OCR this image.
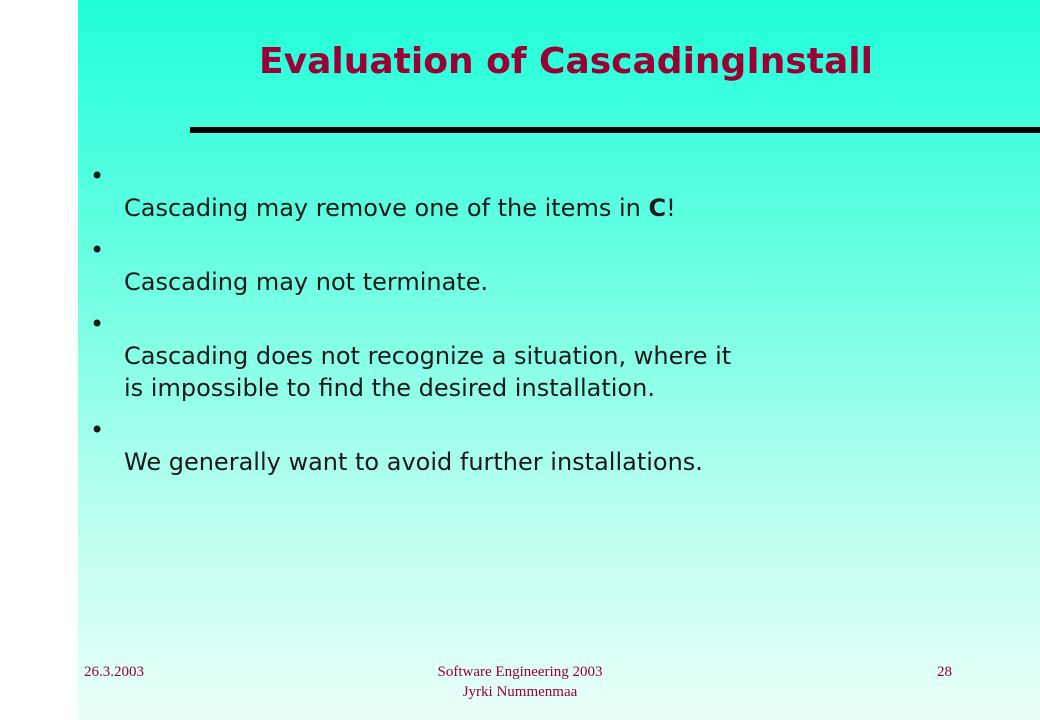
Evaluation of CascadingInstall

•
Cascading may remove one of the items in C!

•
Cascading may not terminate.

•
Cascading does not recognize a situation, where it
is impossible to find the desired installation.

•
We generally want to avoid further installations.

26.3.2003	Software Engineering 2003
Jyrki Nummenmaa
28
